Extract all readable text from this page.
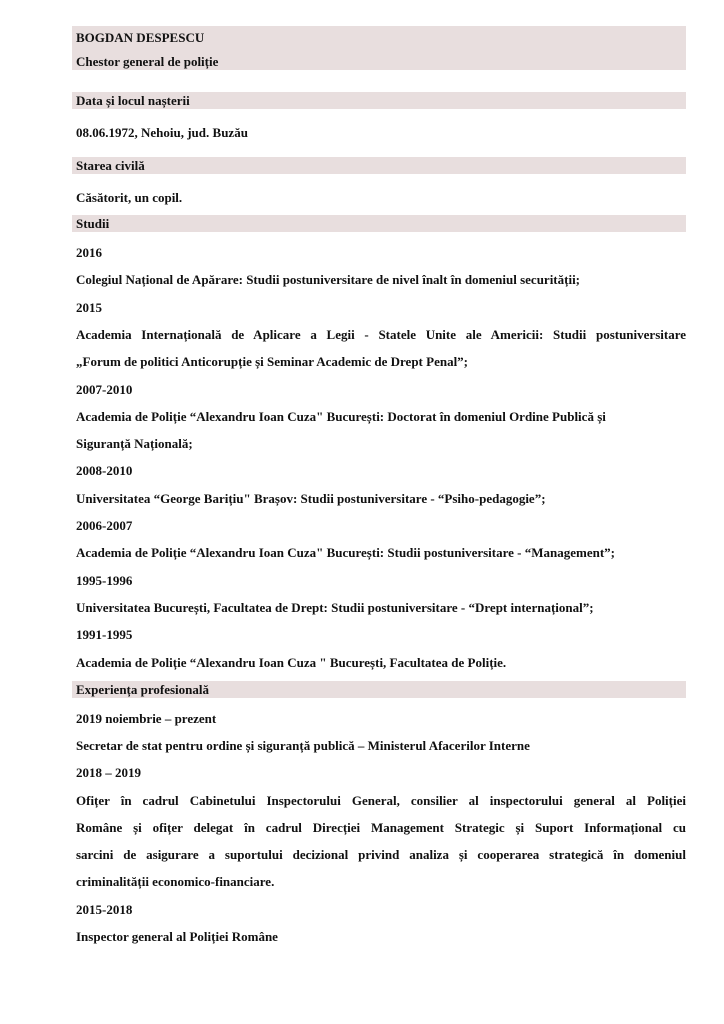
BOGDAN DESPESCU
Chestor general de poliție
Data și locul nașterii
08.06.1972, Nehoiu, jud. Buzău
Starea civilă
Căsătorit, un copil.
Studii
2016
Colegiul Național de Apărare: Studii postuniversitare de nivel înalt în domeniul securității;
2015
Academia Internațională de Aplicare a Legii - Statele Unite ale Americii: Studii postuniversitare
„Forum de politici Anticorupție și Seminar Academic de Drept Penal”;
2007-2010
Academia de Poliție “Alexandru Ioan Cuza" București: Doctorat în domeniul Ordine Publică și
Siguranță Națională;
2008-2010
Universitatea “George Barițiu" Brașov: Studii postuniversitare - “Psiho-pedagogie”;
2006-2007
Academia de Poliție “Alexandru Ioan Cuza" București: Studii postuniversitare - “Management”;
1995-1996
Universitatea București, Facultatea de Drept: Studii postuniversitare - “Drept internațional”;
1991-1995
Academia de Poliție “Alexandru Ioan Cuza " București, Facultatea de Poliție.
Experiența profesională
2019 noiembrie – prezent
Secretar de stat pentru ordine și siguranță publică – Ministerul Afacerilor Interne
2018 – 2019
Ofițer în cadrul Cabinetului Inspectorului General, consilier al inspectorului general al Poliției
Române și ofițer delegat în cadrul Direcției Management Strategic și Suport Informațional cu
sarcini de asigurare a suportului decizional privind analiza și cooperarea strategică în domeniul
criminalității economico-financiare.
2015-2018
Inspector general al Poliției Române
